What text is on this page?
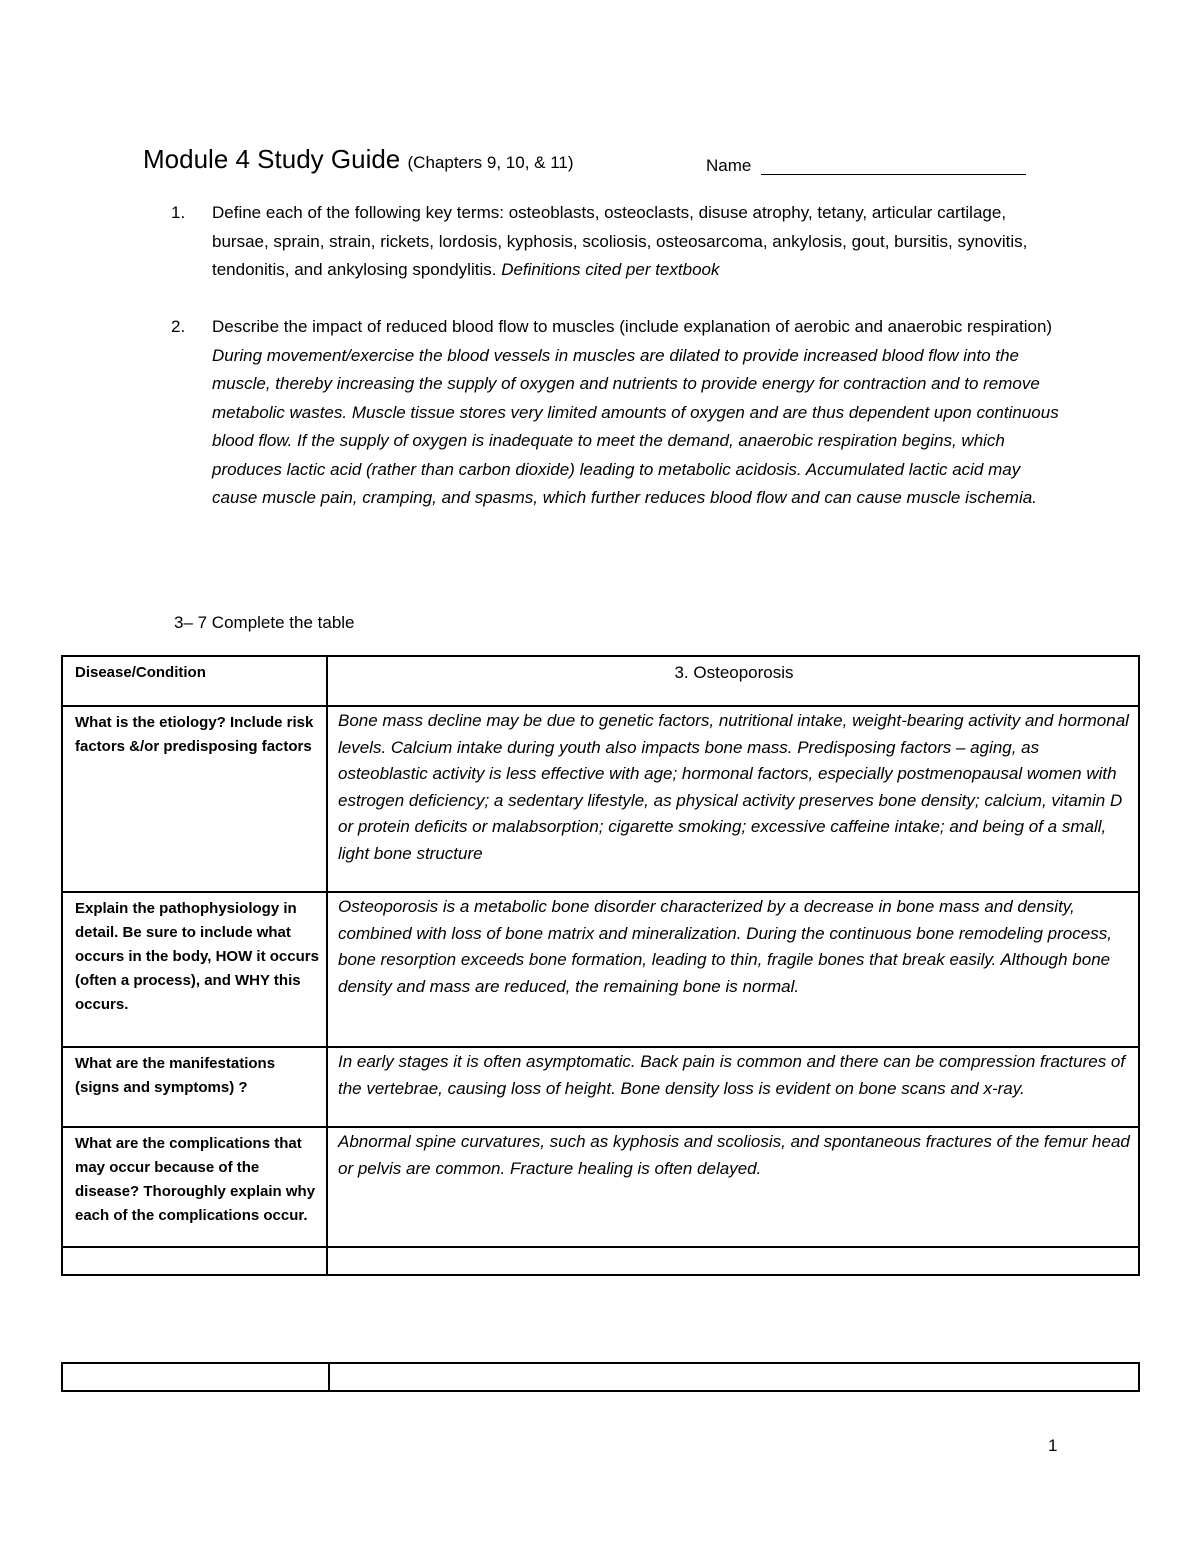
Module 4 Study Guide (Chapters 9, 10, & 11)	Name
1. Define each of the following key terms: osteoblasts, osteoclasts, disuse atrophy, tetany, articular cartilage, bursae, sprain, strain, rickets, lordosis, kyphosis, scoliosis, osteosarcoma, ankylosis, gout, bursitis, synovitis, tendonitis, and ankylosing spondylitis. Definitions cited per textbook
2. Describe the impact of reduced blood flow to muscles (include explanation of aerobic and anaerobic respiration)
During movement/exercise the blood vessels in muscles are dilated to provide increased blood flow into the muscle, thereby increasing the supply of oxygen and nutrients to provide energy for contraction and to remove metabolic wastes. Muscle tissue stores very limited amounts of oxygen and are thus dependent upon continuous blood flow. If the supply of oxygen is inadequate to meet the demand, anaerobic respiration begins, which produces lactic acid (rather than carbon dioxide) leading to metabolic acidosis. Accumulated lactic acid may cause muscle pain, cramping, and spasms, which further reduces blood flow and can cause muscle ischemia.
3– 7 Complete the table
Disease/Condition	3. Osteoporosis
What is the etiology? Include risk factors &/or predisposing factors	Bone mass decline may be due to genetic factors, nutritional intake, weight-bearing activity and hormonal levels. Calcium intake during youth also impacts bone mass. Predisposing factors – aging, as osteoblastic activity is less effective with age; hormonal factors, especially postmenopausal women with estrogen deficiency; a sedentary lifestyle, as physical activity preserves bone density; calcium, vitamin D or protein deficits or malabsorption; cigarette smoking; excessive caffeine intake; and being of a small, light bone structure
Explain the pathophysiology in detail. Be sure to include what occurs in the body, HOW it occurs (often a process), and WHY this occurs.	Osteoporosis is a metabolic bone disorder characterized by a decrease in bone mass and density, combined with loss of bone matrix and mineralization. During the continuous bone remodeling process, bone resorption exceeds bone formation, leading to thin, fragile bones that break easily. Although bone density and mass are reduced, the remaining bone is normal.
What are the manifestations (signs and symptoms) ?	In early stages it is often asymptomatic. Back pain is common and there can be compression fractures of the vertebrae, causing loss of height. Bone density loss is evident on bone scans and x-ray.
What are the complications that may occur because of the disease? Thoroughly explain why each of the complications occur.	Abnormal spine curvatures, such as kyphosis and scoliosis, and spontaneous fractures of the femur head or pelvis are common. Fracture healing is often delayed.

1
